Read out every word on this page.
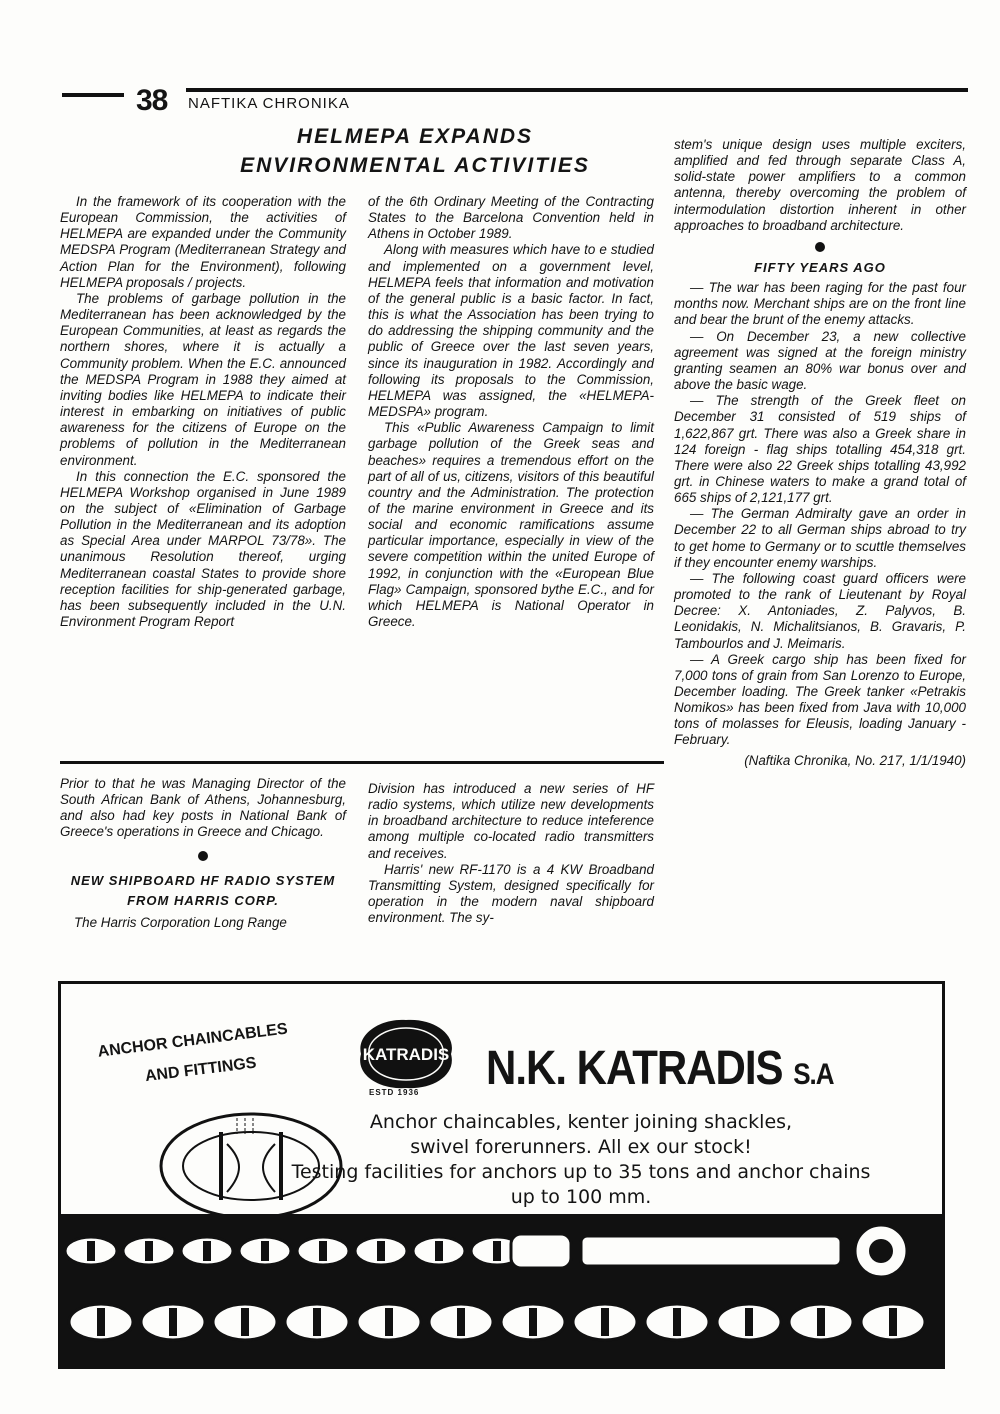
38 NAFTIKA CHRONIKA
HELMEPA EXPANDS
ENVIRONMENTAL ACTIVITIES

In the framework of its cooperation with the European Commission, the activities of HELMEPA are expanded under the Community MEDSPA Program (Mediterranean Strategy and Action Plan for the Environment), following HELMEPA proposals / projects.

The problems of garbage pollution in the Mediterranean has been acknowledged by the European Communities, at least as regards the northern shores, where it is actually a Community problem. When the E.C. announced the MEDSPA Program in 1988 they aimed at inviting bodies like HELMEPA to indicate their interest in embarking on initiatives of public awareness for the citizens of Europe on the problems of pollution in the Mediterranean environment.

In this connection the E.C. sponsored the HELMEPA Workshop organised in June 1989 on the subject of «Elimination of Garbage Pollution in the Mediterranean and its adoption as Special Area under MARPOL 73/78». The unanimous Resolution thereof, urging Mediterranean coastal States to provide shore reception facilities for ship-generated garbage, has been subsequently included in the U.N. Environment Program Report

of the 6th Ordinary Meeting of the Contracting States to the Barcelona Convention held in Athens in October 1989.

Along with measures which have to e studied and implemented on a government level, HELMEPA feels that information and motivation of the general public is a basic factor. In fact, this is what the Association has been trying to do addressing the shipping community and the public of Greece over the last seven years, since its inauguration in 1982. Accordingly and following its proposals to the Commission, HELMEPA was assigned, the «HELMEPA- MEDSPA» program.

This «Public Awareness Campaign to limit garbage pollution of the Greek seas and beaches» requires a tremendous effort on the part of all of us, citizens, visitors of this beautiful country and the Administration. The protection of the marine environment in Greece and its social and economic ramifications assume particular importance, especially in view of the severe competition within the united Europe of 1992, in conjunction with the «European Blue Flag» Campaign, sponsored bythe E.C., and for which HELMEPA is National Operator in Greece.

stem's unique design uses multiple exciters, amplified and fed through separate Class A, solid-state power amplifiers to a common antenna, thereby overcoming the problem of intermodulation distortion inherent in other approaches to broadband architecture.

FIFTY YEARS AGO

— The war has been raging for the past four months now. Merchant ships are on the front line and bear the brunt of the enemy attacks.

— On December 23, a new collective agreement was signed at the foreign ministry granting seamen an 80% war bonus over and above the basic wage.

— The strength of the Greek fleet on December 31 consisted of 519 ships of 1,622,867 grt. There was also a Greek share in 124 foreign - flag ships totalling 454,318 grt. There were also 22 Greek ships totalling 43,992 grt. in Chinese waters to make a grand total of 665 ships of 2,121,177 grt.

— The German Admiralty gave an order in December 22 to all German ships abroad to try to get home to Germany or to scuttle themselves if they encounter enemy warships.

— The following coast guard officers were promoted to the rank of Lieutenant by Royal Decree: X. Antoniades, Z. Palyvos, B. Leonidakis, N. Michalitsianos, B. Gravaris, P. Tambourlos and J. Meimaris.

— A Greek cargo ship has been fixed for 7,000 tons of grain from San Lorenzo to Europe, December loading. The Greek tanker «Petrakis Nomikos» has been fixed from Java with 10,000 tons of molasses for Eleusis, loading January - February.

(Naftika Chronika, No. 217, 1/1/1940)

Prior to that he was Managing Director of the South African Bank of Athens, Johannesburg, and also had key posts in National Bank of Greece's operations in Greece and Chicago.

NEW SHIPBOARD HF RADIO SYSTEM
FROM HARRIS CORP.

The Harris Corporation Long Range

Division has introduced a new series of HF radio systems, which utilize new developments in broadband architecture to reduce inteference among multiple co-located radio transmitters and receives.

Harris' new RF-1170 is a 4 KW Broadband Transmitting System, designed specifically for operation in the modern naval shipboard environment. The sy-

ANCHOR CHAINCABLES
AND FITTINGS
KATRADIS
ESTD 1936 N.K. KATRADIS S.A
Anchor chaincables, kenter joining shackles,
swivel forerunners. All ex our stock!
Testing facilities for anchors up to 35 tons and anchor chains
up to 100 mm.
